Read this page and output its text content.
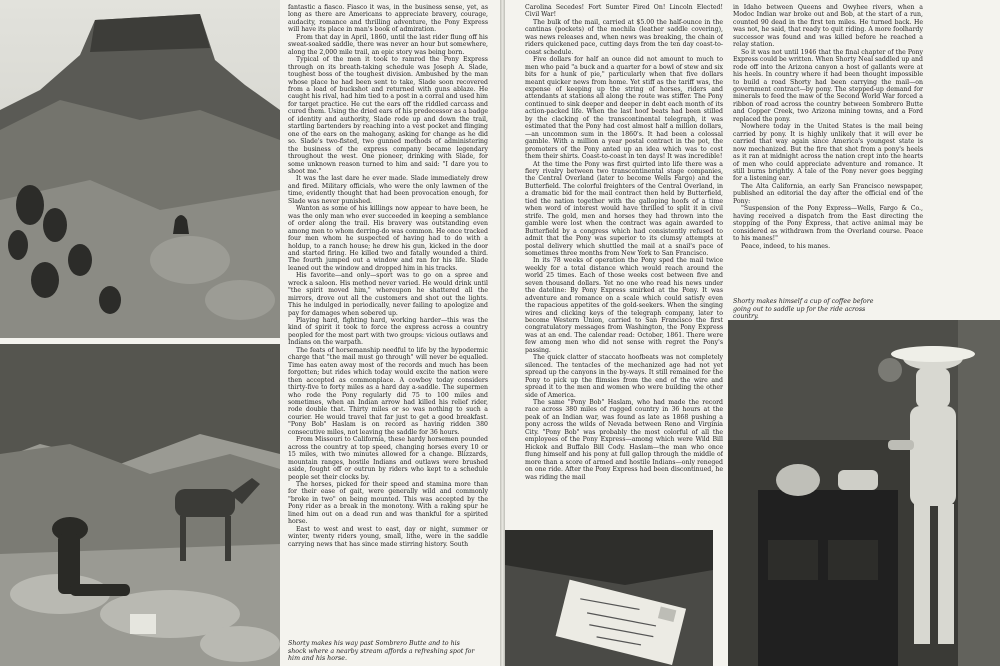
fantastic a fiasco. Fiasco it was, in the business sense, yet, as long as there are Americans to appreciate bravery, courage, audacity, romance and thrilling adventure, the Pony Express will have its place in man's book of admiration.

From that day in April, 1860, until the last rider flung off his sweat-soaked saddle, there was never an hour but somewhere, along the 2,000 mile trail, an epic story was being born.

Typical of the men it took to ramrod the Pony Express through on its breath-taking schedule was Joseph A. Slade, toughest boss of the toughest division. Ambushed by the man whose place he had been sent to take, Slade soon recovered from a load of buckshot and returned with guns ablaze. He caught his rival, had him tied to a post in a corral and used him for target practice. He cut the ears off the riddled carcass and cured them. Using the dried ears of his predecessor as a badge of identity and authority, Slade rode up and down the trail, startling bartenders by reaching into a vest pocket and flinging one of the ears on the mahogany, asking for change as he did so. Slade's two-fisted, two gunned methods of administering the business of the express company became legendary throughout the west. One pioneer, drinking with Slade, for some unknown reason turned to him and said: "I dare you to shoot me."

It was the last dare he ever made. Slade immediately drew and fired. Military officials, who were the only lawmen of the time, evidently thought that had been provocation enough, for Slade was never punished.

Wanton as some of his killings now appear to have been, he was the only man who ever succeeded in keeping a semblance of order along the trail. His bravery was outstanding even among men to whom derring-do was common. He once tracked four men whom he suspected of having had to do with a holdup, to a ranch house; he drew his gun, kicked in the door and started firing. He killed two and fatally wounded a third. The fourth jumped out a window and ran for his life. Slade leaned out the window and dropped him in his tracks.

His favorite—and only—sport was to go on a spree and wreck a saloon. His method never varied. He would drink until "the spirit moved him," whereupon he shattered all the mirrors, drove out all the customers and shot out the lights. This he indulged in periodically, never failing to apologize and pay for damages when sobered up.

Playing hard, fighting hard, working harder—this was the kind of spirit it took to force the express across a country peopled for the most part with two groups: vicious outlaws and Indians on the warpath.

The feats of horsemanship needful to life by the hypodermic charge that "the mail must go through" will never be equalled. Time has eaten away most of the records and much has been forgotten; but rides which today would excite the nation were then accepted as commonplace. A cowboy today considers thirty-five to forty miles as a hard day a-saddle. The supermen who rode the Pony regularly did 75 to 100 miles and sometimes, when an Indian arrow had killed his relief rider, rode double that. Thirty miles or so was nothing to such a courier. He would travel that far just to get a good breakfast. "Pony Bob" Haslam is on record as having ridden 380 consecutive miles, not leaving the saddle for 36 hours.

From Missouri to California, these hardy horsemen pounded across the country at top speed, changing horses every 10 or 15 miles, with two minutes allowed for a change. Blizzards, mountain ranges, hostile Indians and outlaws were brushed aside, fought off or outrun by riders who kept to a schedule people set their clocks by.

The horses, picked for their speed and stamina more than for their ease of gait, were generally wild and commonly "broke in two" on being mounted. This was accepted by the Pony rider as a break in the monotony. With a raking spur he lined him out on a dead run and was thankful for a spirited horse.

East to west and west to east, day or night, summer or winter, twenty riders young, small, lithe, were in the saddle carrying news that has since made stirring history. South

Shorty makes his way past Sombrero Butte and to his shock where a nearby stream affords a refreshing spot for him and his horse.

Carolina Secedes! Fort Sumter Fired On! Lincoln Elected! Civil War!

The bulk of the mail, carried at $5.00 the half-ounce in the cantinas (pockets) of the mochila (leather saddle covering), was news releases and, when news was breaking, the chain of riders quickened pace, cutting days from the ten day coast-to-coast schedule.

Five dollars for half an ounce did not amount to much to men who paid "a buck and a quarter for a bowl of stew and six bits for a hunk of pie," particularly when that five dollars meant quicker news from home. Yet stiff as the tariff was, the expense of keeping up the string of horses, riders and attendants at stations all along the route was stiffer. The Pony continued to sink deeper and deeper in debt each month of its action-packed life. When the last hoof beats had been stilled by the clacking of the transcontinental telegraph, it was estimated that the Pony had cost almost half a million dollars,—an uncommon sum in the 1860's. It had been a colossal gamble. With a million a year postal contract in the pot, the promoters of the Pony anted up an idea which was to cost them their shirts. Coast-to-coast in ten days! It was incredible!

At the time the Pony was first quirted into life there was a fiery rivalry between two transcontinental stage companies, the Central Overland (later to become Wells Fargo) and the Butterfield. The colorful freighters of the Central Overland, in a dramatic bid for the mail contract then held by Butterfield, tied the nation together with the galloping hoofs of a time when word of interest would have thrilled to split it in civil strife. The gold, men and horses they had thrown into the gamble were lost when the contract was again awarded to Butterfield by a congress which had consistently refused to admit that the Pony was superior to its clumsy attempts at postal delivery which shuttled the mail at a snail's pace of sometimes three months from New York to San Francisco.

In its 78 weeks of operation the Pony sped the mail twice weekly for a total distance which would reach around the world 25 times. Each of those weeks cost between five and seven thousand dollars. Yet no one who read his news under the dateline: By Pony Express smirked at the Pony. It was adventure and romance on a scale which could satisfy even the rapacious appetites of the gold-seekers. When the singing wires and clicking keys of the telegraph company, later to become Western Union, carried to San Francisco the first congratulatory messages from Washington, the Pony Express was at an end. The calendar read: October, 1861. There were few among men who did not sense with regret the Pony's passing.

The quick clatter of staccato hoofbeats was not completely silenced. The tentacles of the mechanized age had not yet spread up the canyons in the by-ways. It still remained for the Pony to pick up the flimsies from the end of the wire and spread it to the men and women who were building the other side of America.

The same "Pony Bob" Haslam, who had made the record race across 380 miles of rugged country in 36 hours at the peak of an Indian war, was found as late as 1868 pushing a pony across the wilds of Nevada between Reno and Virginia City. "Pony Bob" was probably the most colorful of all the employees of the Pony Express—among which were Wild Bill Hickok and Buffalo Bill Cody. Haslam—the man who once flung himself and his pony at full gallop through the middle of more than a score of armed and hostile Indians—only reneged on one ride. After the Pony Express had been discontinued, he was riding the mail

in Idaho between Queens and Owyhee rivers, when a Modoc Indian war broke out and Bob, at the start of a run, counted 90 dead in the first ten miles. He turned back. He was not, he said, that ready to quit riding. A more foolhardy successor was found and was killed before he reached a relay station.

So it was not until 1946 that the final chapter of the Pony Express could be written. When Shorty Neal saddled up and rode off into the Arizona canyon a host of gallants were at his heels. In country where it had been thought impossible to build a road Shorty had been carrying the mail—on government contract—by pony. The stepped-up demand for minerals to feed the maw of the Second World War forced a ribbon of road across the country between Sombrero Butte and Copper Creek, two Arizona mining towns, and a Ford replaced the pony.

Nowhere today in the United States is the mail being carried by pony. It is highly unlikely that it will ever be carried that way again since America's youngest state is now mechanized. But the fire that shot from a pony's heels as it ran at midnight across the nation crept into the hearts of men who could appreciate adventure and romance. It still burns brightly. A tale of the Pony never goes begging for a listening ear.

The Alta California, an early San Francisco newspaper, published an editorial the day after the official end of the Pony:

"Suspension of the Pony Express—Wells, Fargo & Co., having received a dispatch from the East directing the stopping of the Pony Express, that active animal may be considered as withdrawn from the Overland course. Peace to his manes!"

Peace, indeed, to his manes.

Shorty makes himself a cup of coffee before going out to saddle up for the ride across country.
